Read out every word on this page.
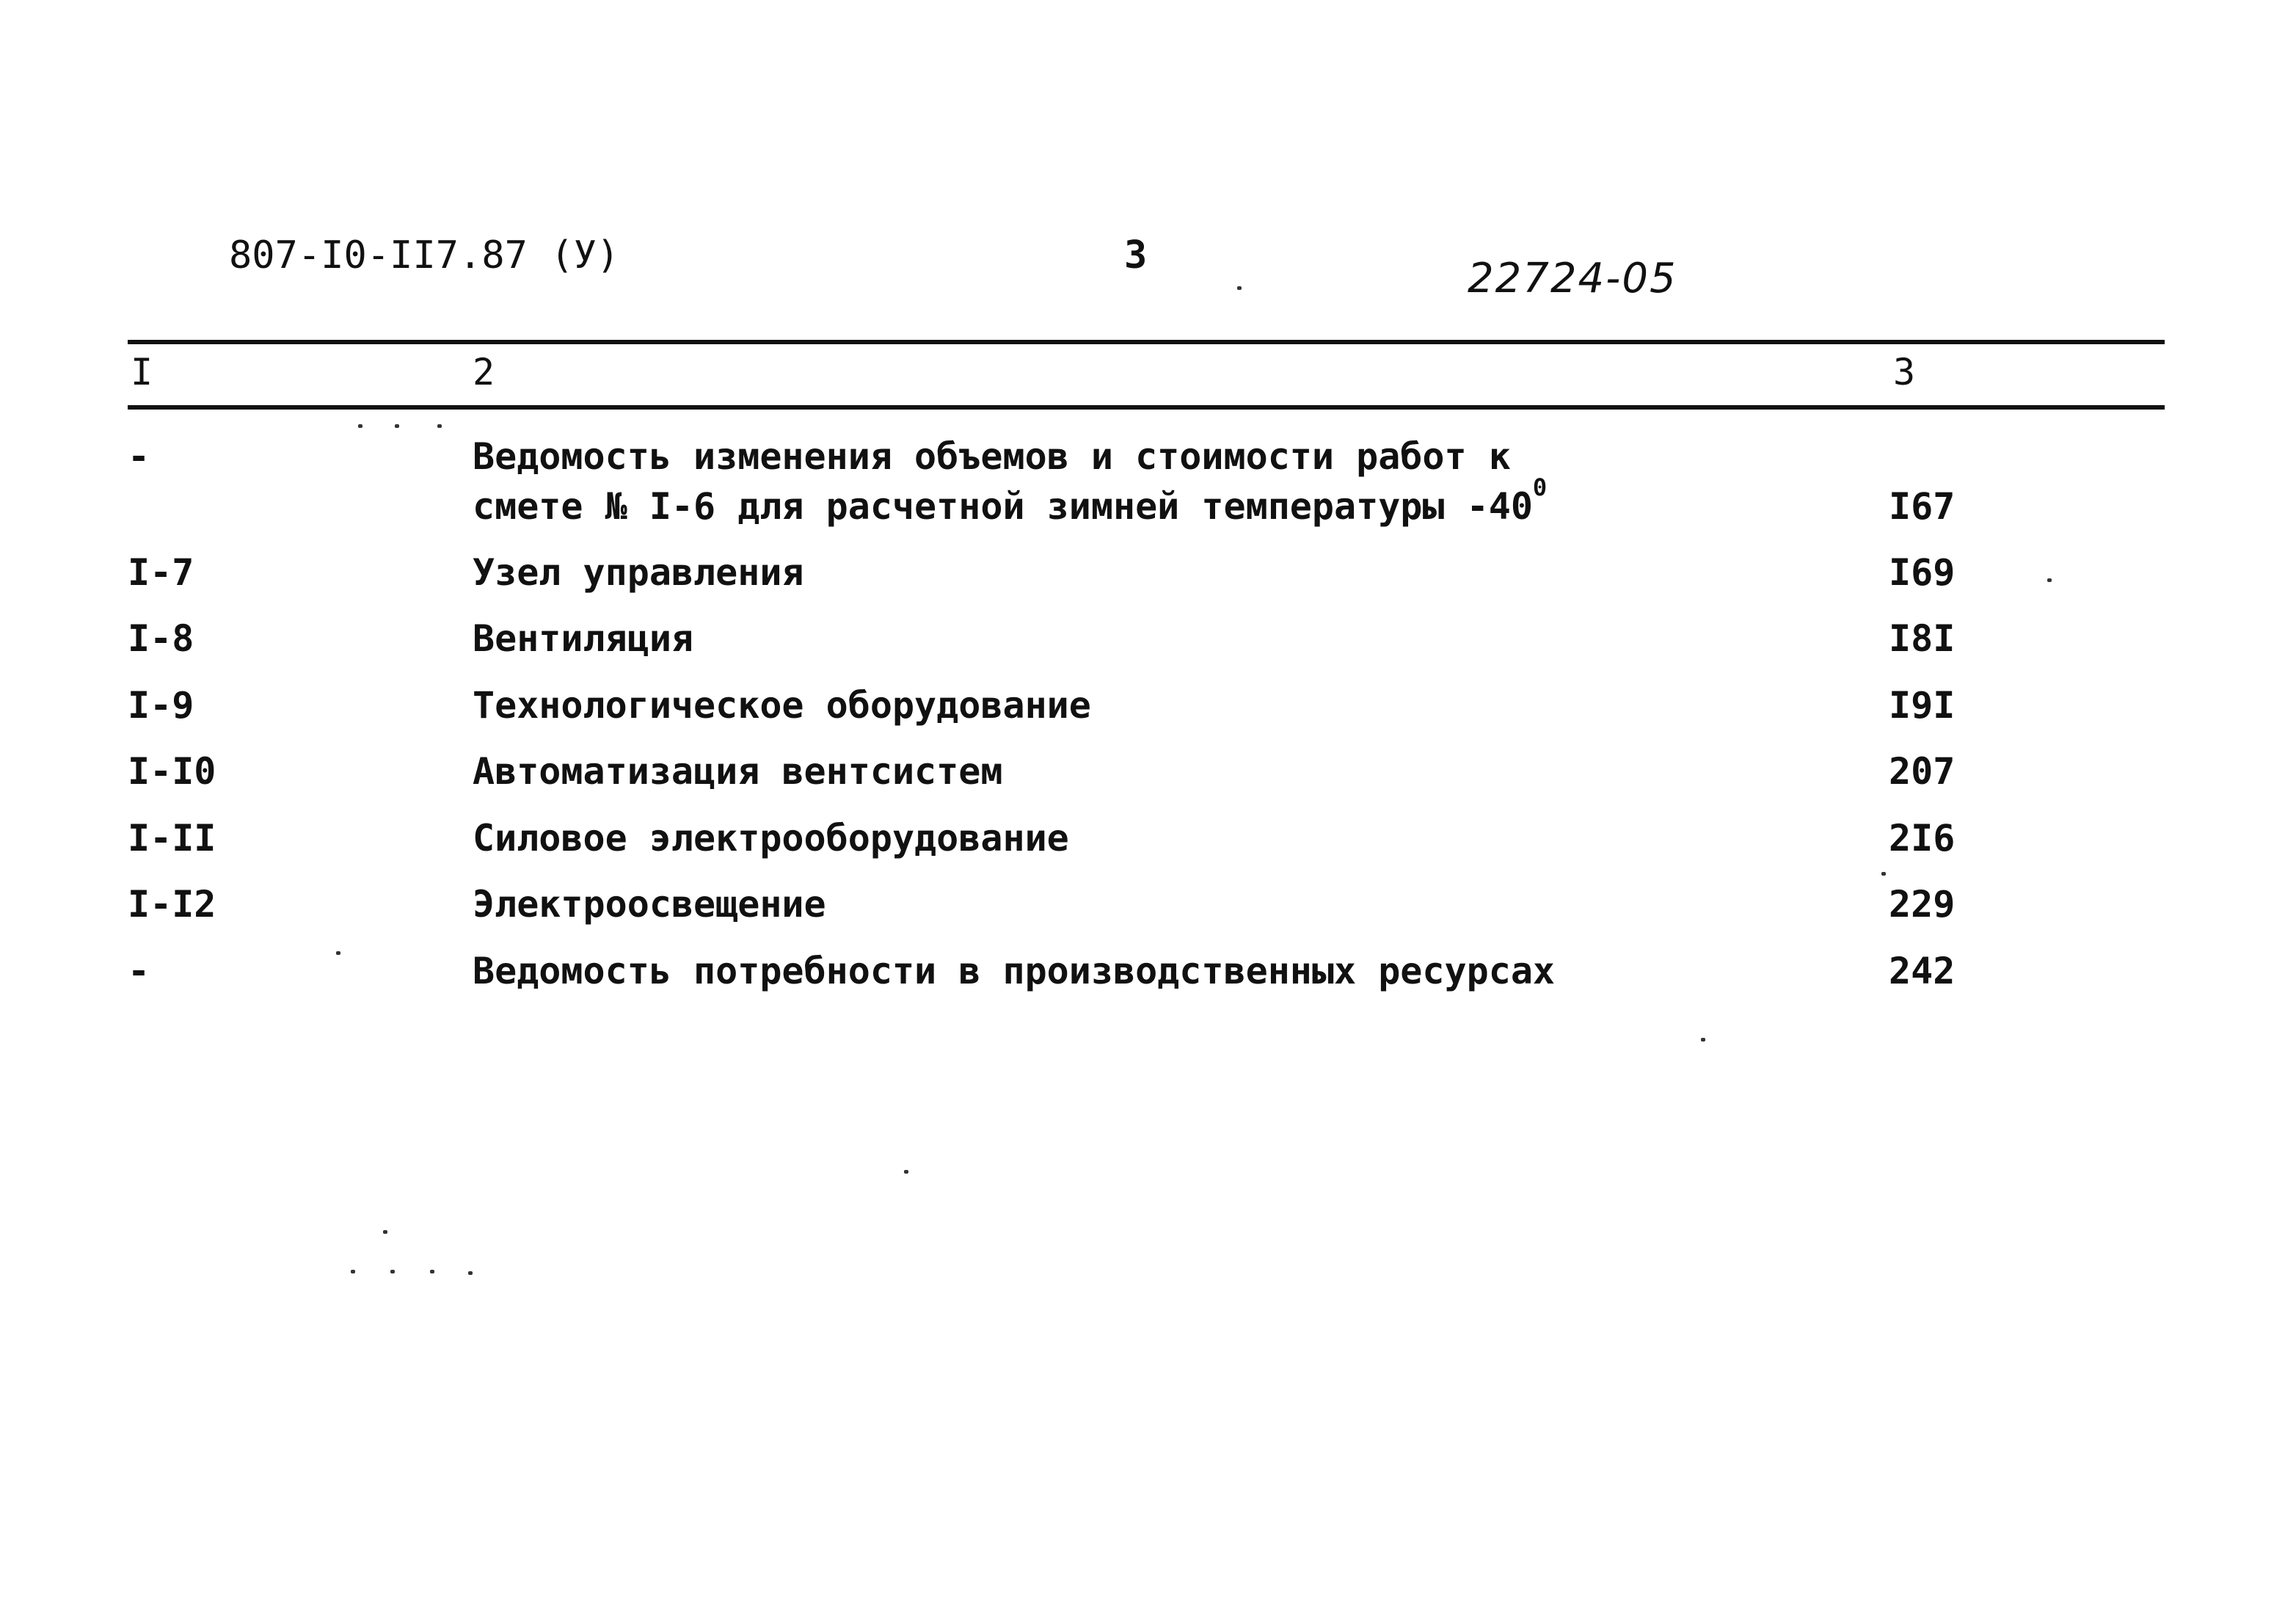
807-I0-II7.87 (У)	3	22724-05
I	2	3
-	Ведомость изменения объемов и стоимости работ к
смете № I-6 для расчетной зимней температуры $-40^0$	I67
I-7	Узел управления	I69
I-8	Вентиляция	I8I
I-9	Технологическое оборудование	I9I
I-I0	Автоматизация вентсистем	207
I-II	Силовое электрооборудование	2I6
I-I2	Электроосвещение	229
-	Ведомость потребности в производственных ресурсах	242
